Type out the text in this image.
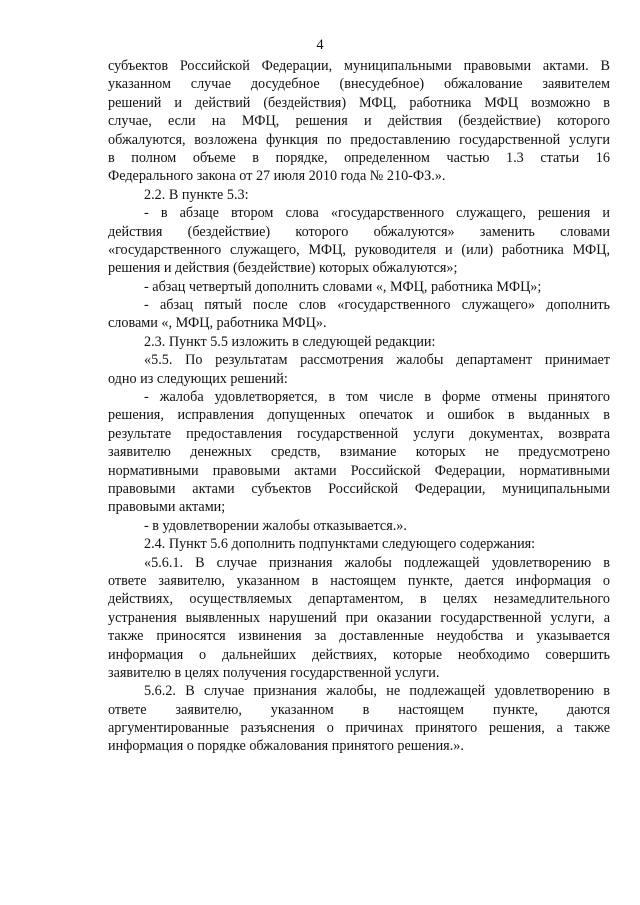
4
субъектов Российской Федерации, муниципальными правовыми актами. В
указанном случае досудебное (внесудебное) обжалование заявителем
решений и действий (бездействия) МФЦ, работника МФЦ возможно в
случае, если на МФЦ, решения и действия (бездействие) которого
обжалуются, возложена функция по предоставлению государственной услуги
в полном объеме в порядке, определенном частью 1.3 статьи 16
Федерального закона от 27 июля 2010 года № 210-ФЗ.».
2.2. В пункте 5.3:
- в абзаце втором слова «государственного служащего, решения и
действия (бездействие) которого обжалуются» заменить словами
«государственного служащего, МФЦ, руководителя и (или) работника МФЦ,
решения и действия (бездействие) которых обжалуются»;
- абзац четвертый дополнить словами «, МФЦ, работника МФЦ»;
- абзац пятый после слов «государственного служащего» дополнить
словами «, МФЦ, работника МФЦ».
2.3. Пункт 5.5 изложить в следующей редакции:
«5.5. По результатам рассмотрения жалобы департамент принимает
одно из следующих решений:
- жалоба удовлетворяется, в том числе в форме отмены принятого
решения, исправления допущенных опечаток и ошибок в выданных в
результате предоставления государственной услуги документах, возврата
заявителю денежных средств, взимание которых не предусмотрено
нормативными правовыми актами Российской Федерации, нормативными
правовыми актами субъектов Российской Федерации, муниципальными
правовыми актами;
- в удовлетворении жалобы отказывается.».
2.4. Пункт 5.6 дополнить подпунктами следующего содержания:
«5.6.1. В случае признания жалобы подлежащей удовлетворению в
ответе заявителю, указанном в настоящем пункте, дается информация о
действиях, осуществляемых департаментом, в целях незамедлительного
устранения выявленных нарушений при оказании государственной услуги, а
также приносятся извинения за доставленные неудобства и указывается
информация о дальнейших действиях, которые необходимо совершить
заявителю в целях получения государственной услуги.
5.6.2. В случае признания жалобы, не подлежащей удовлетворению в
ответе заявителю, указанном в настоящем пункте, даются
аргументированные разъяснения о причинах принятого решения, а также
информация о порядке обжалования принятого решения.».
